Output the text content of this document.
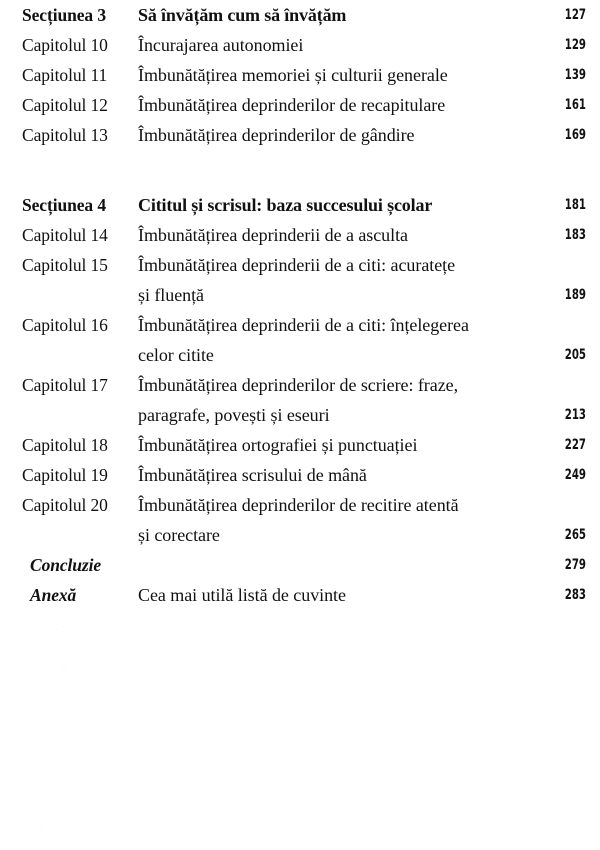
Secțiunea 3	Să învățăm cum să învățăm	127
Capitolul 10	Încurajarea autonomiei	129
Capitolul 11	Îmbunătățirea memoriei și culturii generale	139
Capitolul 12	Îmbunătățirea deprinderilor de recapitulare	161
Capitolul 13	Îmbunătățirea deprinderilor de gândire	169
Secțiunea 4	Cititul și scrisul: baza succesului școlar	181
Capitolul 14	Îmbunătățirea deprinderii de a asculta	183
Capitolul 15	Îmbunătățirea deprinderii de a citi: acuratețe
și fluență	189
Capitolul 16	Îmbunătățirea deprinderii de a citi: înțelegerea
celor citite	205
Capitolul 17	Îmbunătățirea deprinderilor de scriere: fraze,
paragrafe, povești și eseuri	213
Capitolul 18	Îmbunătățirea ortografiei și punctuației	227
Capitolul 19	Îmbunătățirea scrisului de mână	249
Capitolul 20	Îmbunătățirea deprinderilor de recitire atentă
și corectare	265
Concluzie	279
Anexă	Cea mai utilă listă de cuvinte	283
